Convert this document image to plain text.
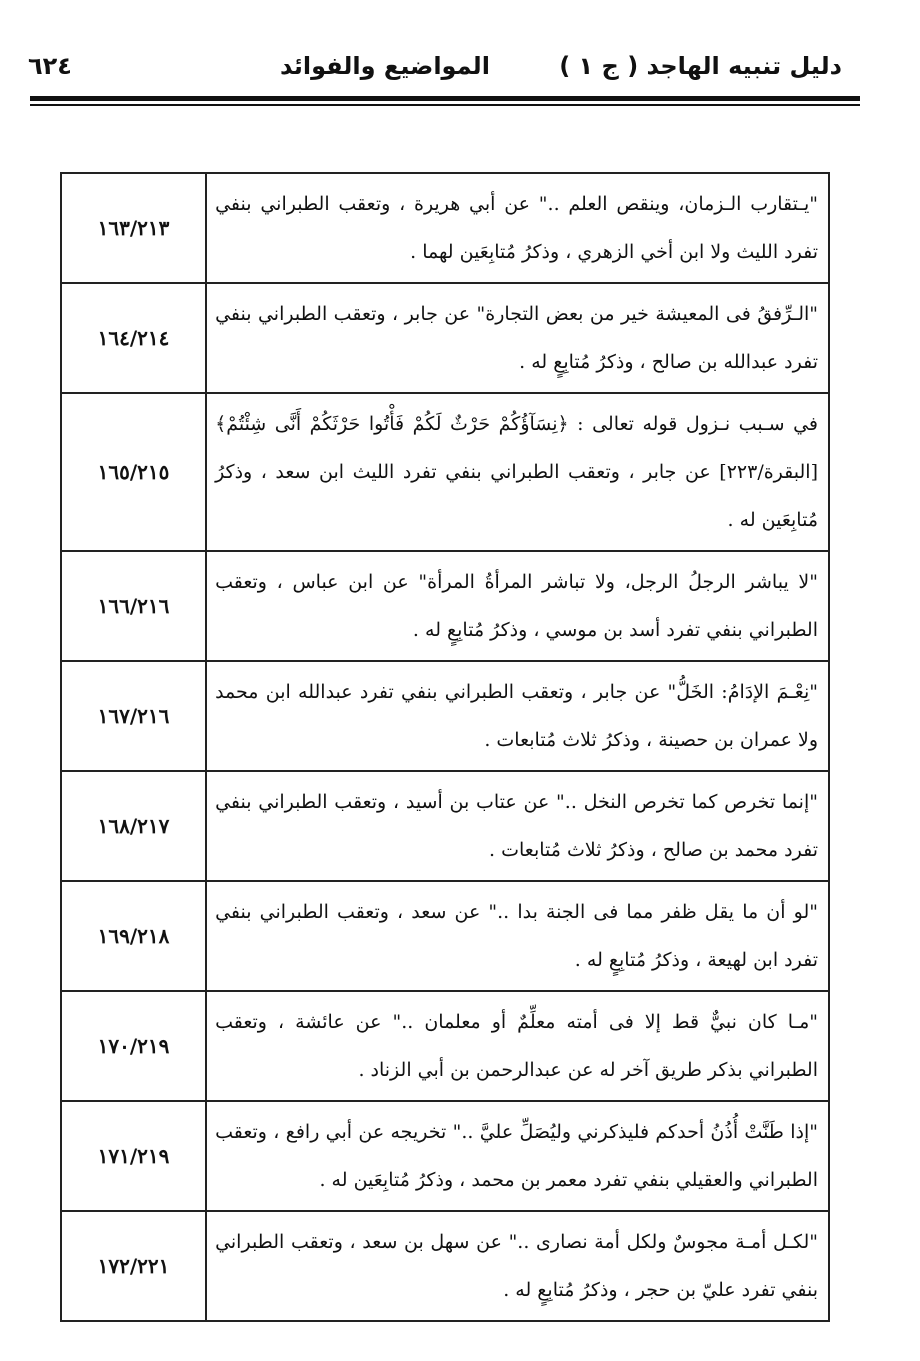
دليل تنبيه الهاجد ( ج ١ )
المواضيع والفوائد
٦٢٤
"يـتقارب الـزمان، وينقص العلم .." عن أبي هريرة ، وتعقب الطبراني بنفي تفرد الليث ولا ابن أخي الزهري ، وذكرُ مُتابِعَين لهما .	١٦٣/٢١٣
"الـرِّفقُ فى المعيشة خير من بعض التجارة" عن جابر ، وتعقب الطبراني بنفي تفرد عبدالله بن صالح ، وذكرُ مُتابِعٍ له .	١٦٤/٢١٤
في سـبب نـزول قوله تعالى : ﴿نِسَآؤُكُمْ حَرْثٌ لَكُمْ فَأْتُوا حَرْثَكُمْ أَنَّى شِئْتُمْ﴾ [البقرة/٢٢٣] عن جابر ، وتعقب الطبراني بنفي تفرد الليث ابن سعد ، وذكرُ مُتابِعَين له .	١٦٥/٢١٥
"لا يباشر الرجلُ الرجل، ولا تباشر المرأةُ المرأة" عن ابن عباس ، وتعقب الطبراني بنفي تفرد أسد بن موسي ، وذكرُ مُتابِعٍ له .	١٦٦/٢١٦
"نِعْـمَ الإدَامُ: الخَلُّ" عن جابر ، وتعقب الطبراني بنفي تفرد عبدالله ابن محمد ولا عمران بن حصينة ، وذكرُ ثلاث مُتابعات .	١٦٧/٢١٦
"إنما تخرص كما تخرص النخل .." عن عتاب بن أسيد ، وتعقب الطبراني بنفي تفرد محمد بن صالح ، وذكرُ ثلاث مُتابعات .	١٦٨/٢١٧
"لو أن ما يقل ظفر مما فى الجنة بدا .." عن سعد ، وتعقب الطبراني بنفي تفرد ابن لهيعة ، وذكرُ مُتابِعٍ له .	١٦٩/٢١٨
"مـا كان نبيٌّ قط إلا فى أمته معلِّمٌ أو معلمان .." عن عائشة ، وتعقب الطبراني بذكر طريق آخر له عن عبدالرحمن بن أبي الزناد .	١٧٠/٢١٩
"إذا طَنَّتْ أُذُنُ أحدكم فليذكرني وليُصَلِّ عليَّ .." تخريجه عن أبي رافع ، وتعقب الطبراني والعقيلي بنفي تفرد معمر بن محمد ، وذكرُ مُتابِعَين له .	١٧١/٢١٩
"لكـل أمـة مجوسٌ ولكل أمة نصارى .." عن سهل بن سعد ، وتعقب الطبراني بنفي تفرد عليّ بن حجر ، وذكرُ مُتابِعٍ له .	١٧٢/٢٢١
